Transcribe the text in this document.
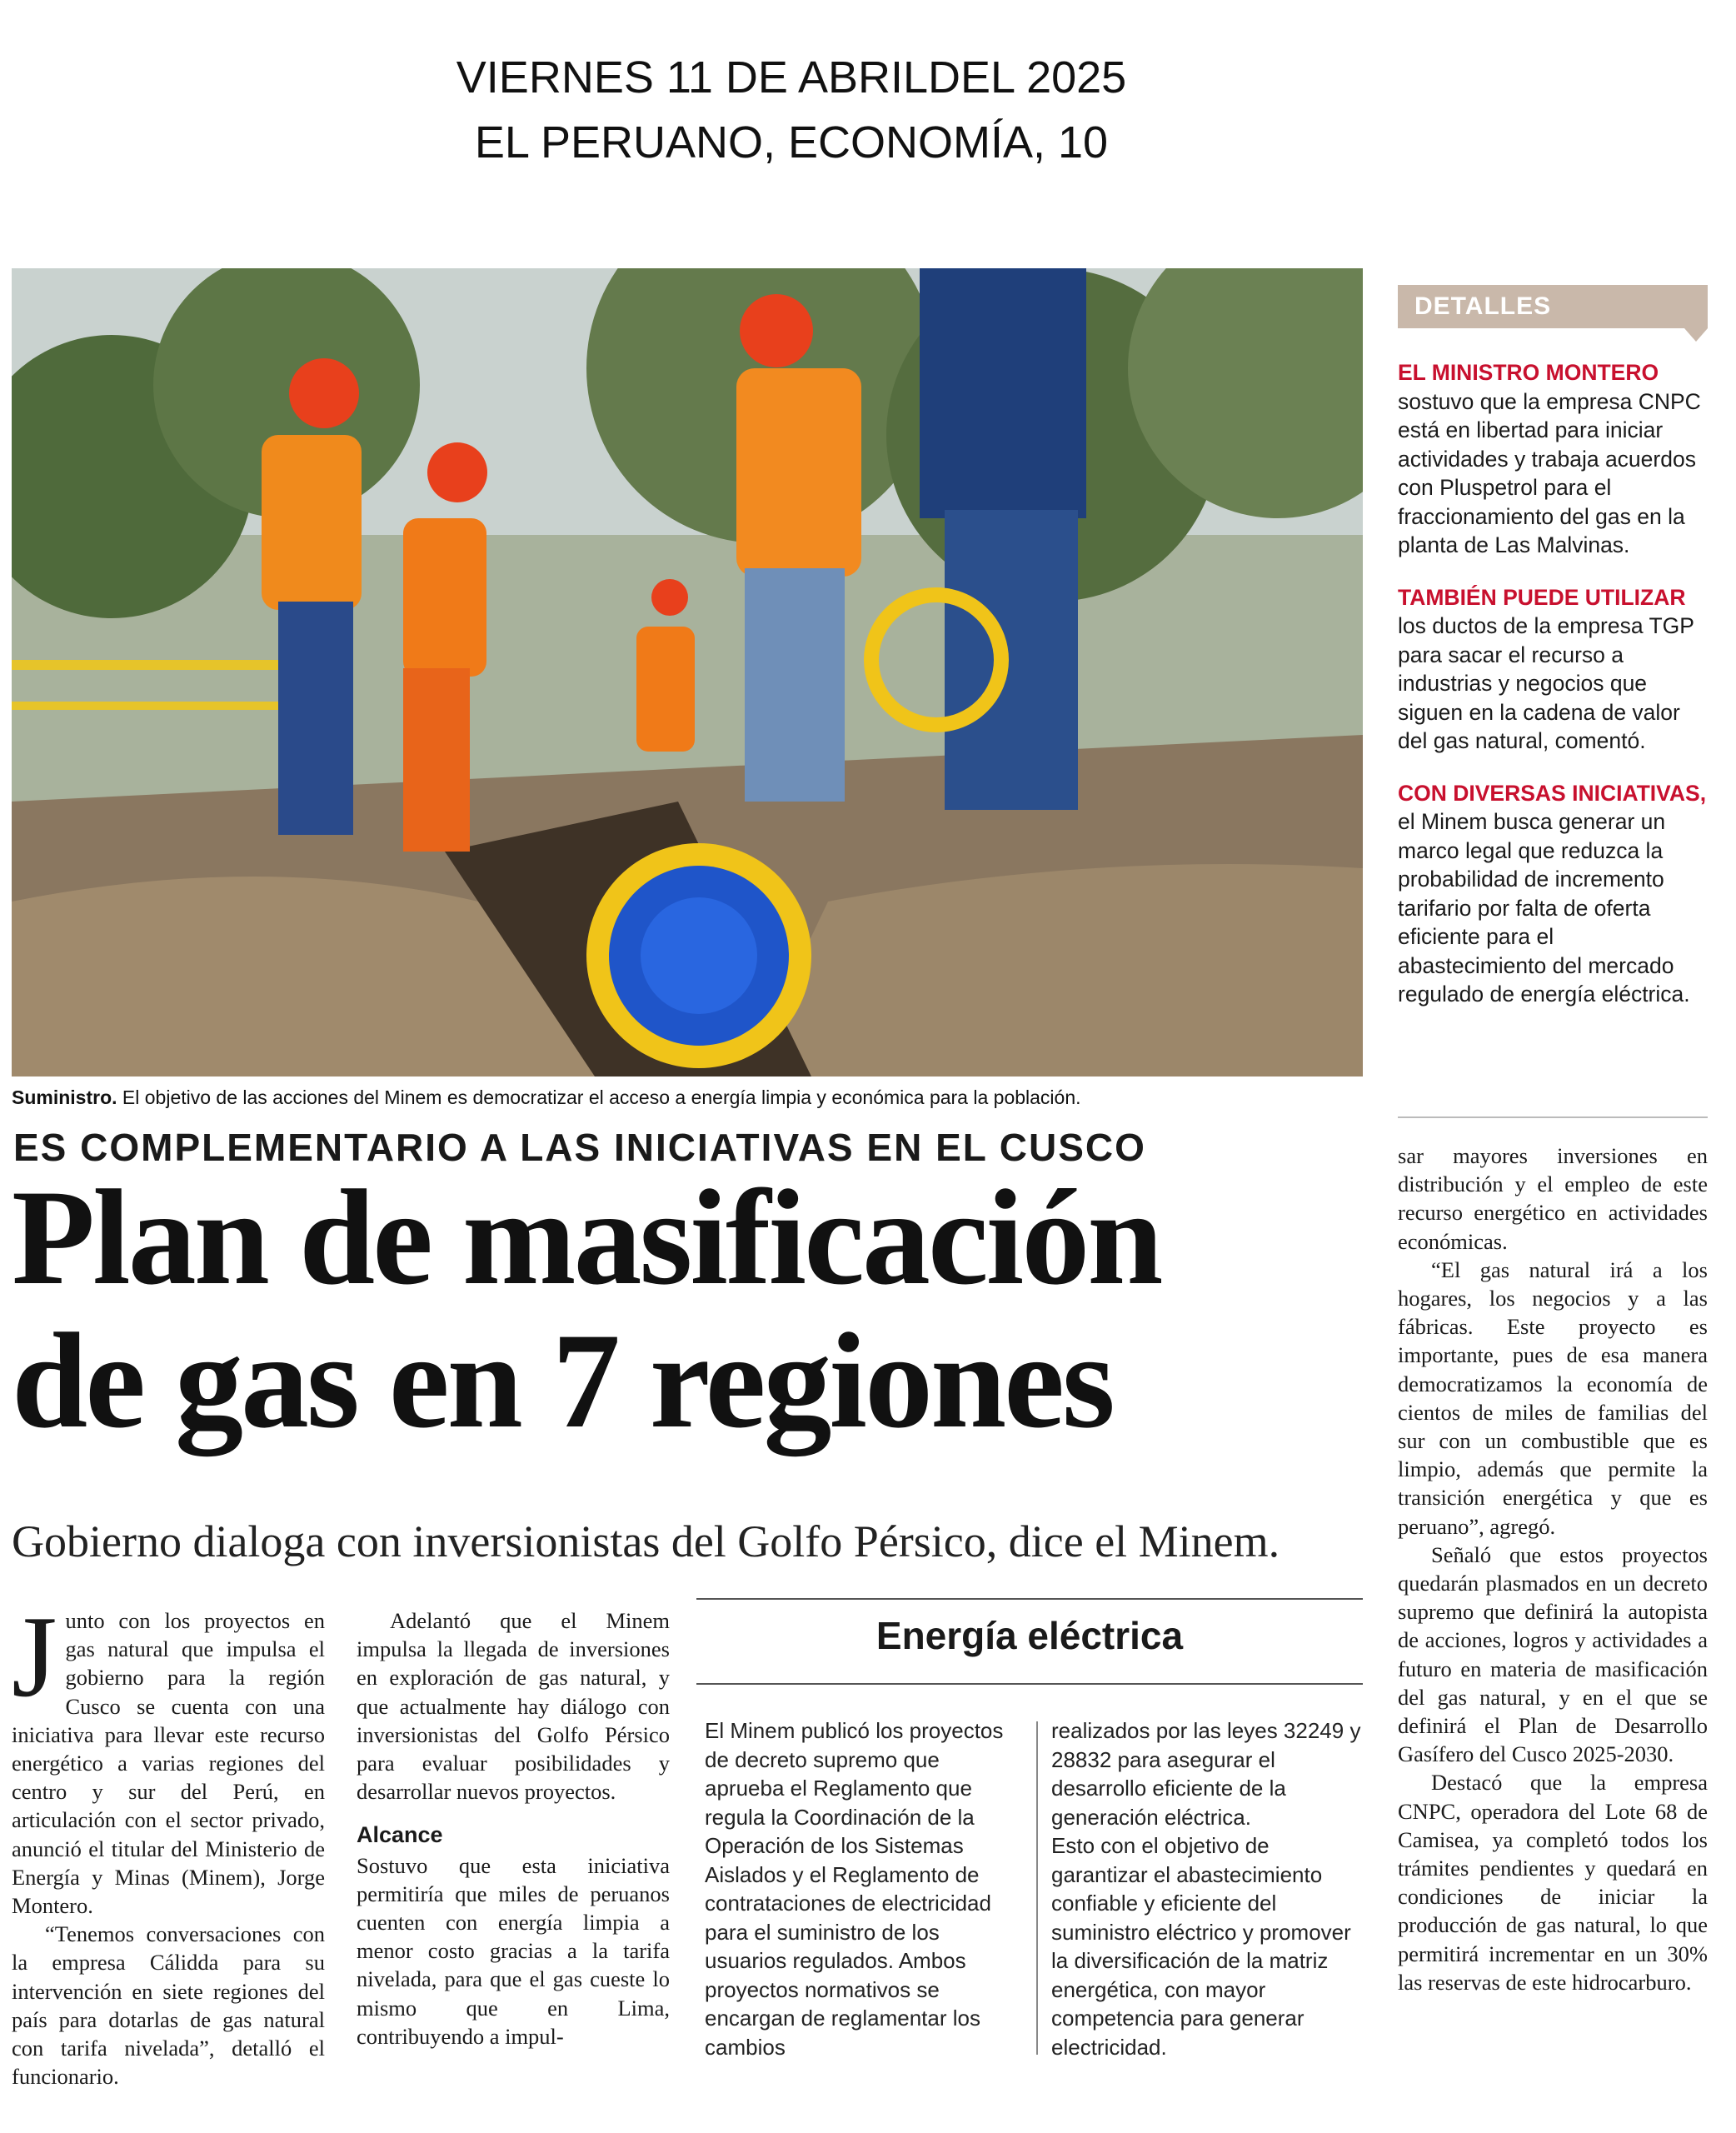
VIERNES 11 DE ABRILDEL 2025
EL PERUANO, ECONOMÍA, 10
Suministro. El objetivo de las acciones del Minem es democratizar el acceso a energía limpia y económica para la población.
ES COMPLEMENTARIO A LAS INICIATIVAS EN EL CUSCO
Plan de masificación
de gas en 7 regiones
Gobierno dialoga con inversionistas del Golfo Pérsico, dice el Minem.

Junto con los proyectos en gas natural que impulsa el gobierno para la región Cusco se cuenta con una iniciativa para llevar este recurso energético a varias regiones del centro y sur del Perú, en articulación con el sector privado, anunció el titular del Ministerio de Energía y Minas (Minem), Jorge Montero.

“Tenemos conversaciones con la empresa Cálidda para su intervención en siete regiones del país para dotarlas de gas natural con tarifa nivelada”, detalló el funcionario.

Adelantó que el Minem impulsa la llegada de inversiones en exploración de gas natural, y que actualmente hay diálogo con inversionistas del Golfo Pérsico para evaluar posibilidades y desarrollar nuevos proyectos.

Alcance

Sostuvo que esta iniciativa permitiría que miles de peruanos cuenten con energía limpia a menor costo gracias a la tarifa nivelada, para que el gas cueste lo mismo que en Lima, contribuyendo a impul-

Energía eléctrica

El Minem publicó los proyectos de decreto supremo que aprueba el Reglamento que regula la Coordinación de la Operación de los Sistemas Aislados y el Reglamento de contrataciones de electricidad para el suministro de los usuarios regulados. Ambos proyectos normativos se encargan de reglamentar los cambios

realizados por las leyes 32249 y 28832 para asegurar el desarrollo eficiente de la generación eléctrica.

Esto con el objetivo de garantizar el abastecimiento confiable y eficiente del suministro eléctrico y promover la diversificación de la matriz energética, con mayor competencia para generar electricidad.

sar mayores inversiones en distribución y el empleo de este recurso energético en actividades económicas.

“El gas natural irá a los hogares, los negocios y a las fábricas. Este proyecto es importante, pues de esa manera democratizamos la economía de cientos de miles de familias del sur con un combustible que es limpio, además que permite la transición energética y que es peruano”, agregó.

Señaló que estos proyectos quedarán plasmados en un decreto supremo que definirá la autopista de acciones, logros y actividades a futuro en materia de masificación del gas natural, y en el que se definirá el Plan de Desarrollo Gasífero del Cusco 2025-2030.

Destacó que la empresa CNPC, operadora del Lote 68 de Camisea, ya completó todos los trámites pendientes y quedará en condiciones de iniciar la producción de gas natural, lo que permitirá incrementar en un 30% las reservas de este hidrocarburo.

DETALLES

EL MINISTRO MONTERO sostuvo que la empresa CNPC está en libertad para iniciar actividades y trabaja acuerdos con Pluspetrol para el fraccionamiento del gas en la planta de Las Malvinas.

TAMBIÉN PUEDE UTILIZAR los ductos de la empresa TGP para sacar el recurso a industrias y negocios que siguen en la cadena de valor del gas natural, comentó.

CON DIVERSAS INICIATIVAS, el Minem busca generar un marco legal que reduzca la probabilidad de incremento tarifario por falta de oferta eficiente para el abastecimiento del mercado regulado de energía eléctrica.
